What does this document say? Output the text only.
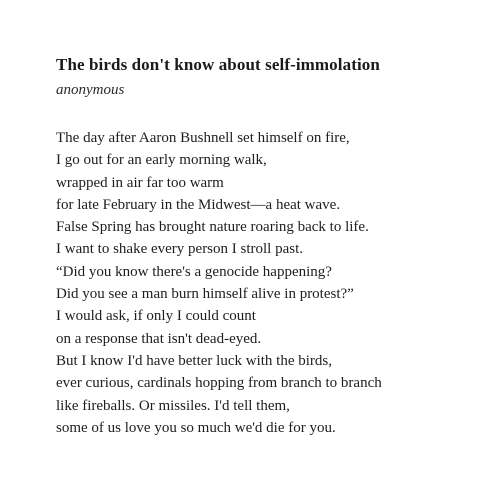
The birds don't know about self-immolation
anonymous
The day after Aaron Bushnell set himself on fire,
I go out for an early morning walk,
wrapped in air far too warm
for late February in the Midwest—a heat wave.
False Spring has brought nature roaring back to life.
I want to shake every person I stroll past.
“Did you know there's a genocide happening?
Did you see a man burn himself alive in protest?”
I would ask, if only I could count
on a response that isn't dead-eyed.
But I know I'd have better luck with the birds,
ever curious, cardinals hopping from branch to branch
like fireballs. Or missiles. I'd tell them,
some of us love you so much we'd die for you.
